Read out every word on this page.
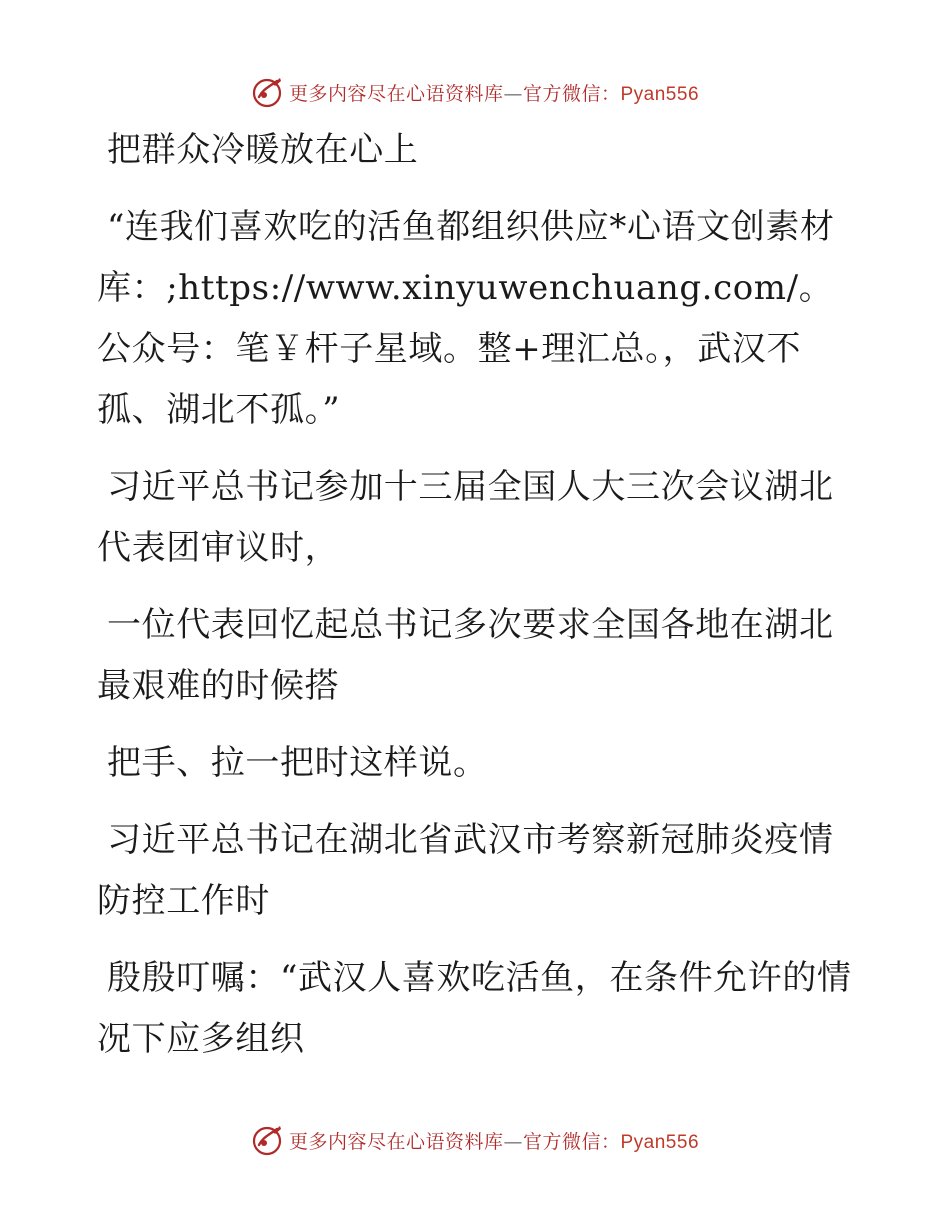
更多内容尽在心语资料库—官方微信：Pyan556

把群众冷暖放在心上

“连我们喜欢吃的活鱼都组织供应*心语文创素材库：;https://www.xinyuwenchuang.com/。公众号：笔￥杆子星域。整+理汇总。，武汉不孤、湖北不孤。”

习近平总书记参加十三届全国人大三次会议湖北代表团审议时，

一位代表回忆起总书记多次要求全国各地在湖北最艰难的时候搭

把手、拉一把时这样说。

习近平总书记在湖北省武汉市考察新冠肺炎疫情防控工作时

殷殷叮嘱：“武汉人喜欢吃活鱼，在条件允许的情况下应多组织

更多内容尽在心语资料库—官方微信：Pyan556
